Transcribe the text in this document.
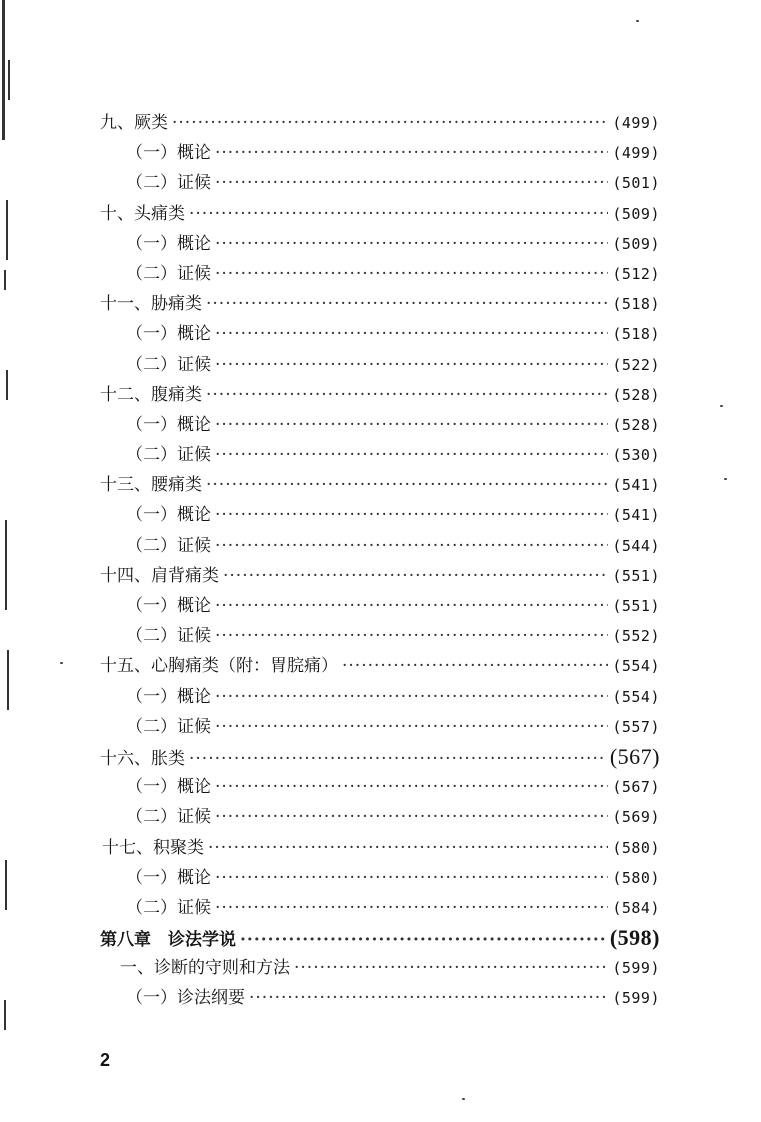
九、厥类 ·····	(499)
（一）概论 ·····	(499)
（二）证候 ·····	(501)
十、头痛类 ·····	(509)
（一）概论 ·····	(509)
（二）证候 ·····	(512)
十一、胁痛类 ·····	(518)
（一）概论 ·····	(518)
（二）证候 ·····	(522)
十二、腹痛类 ·····	(528)
（一）概论 ·····	(528)
（二）证候 ·····	(530)
十三、腰痛类 ·····	(541)
（一）概论 ·····	(541)
（二）证候 ·····	(544)
十四、肩背痛类 ·····	(551)
（一）概论 ·····	(551)
（二）证候 ·····	(552)
十五、心胸痛类（附：胃脘痛） ·····	(554)
（一）概论 ·····	(554)
（二）证候 ·····	(557)
十六、胀类 ·····	(567)
（一）概论 ·····	(567)
（二）证候 ·····	(569)
十七、积聚类 ·····	(580)
（一）概论 ·····	(580)
（二）证候 ·····	(584)
第八章　诊法学说 ·····	(598)
一、诊断的守则和方法 ·····	(599)
（一）诊法纲要 ·····	(599)
2
